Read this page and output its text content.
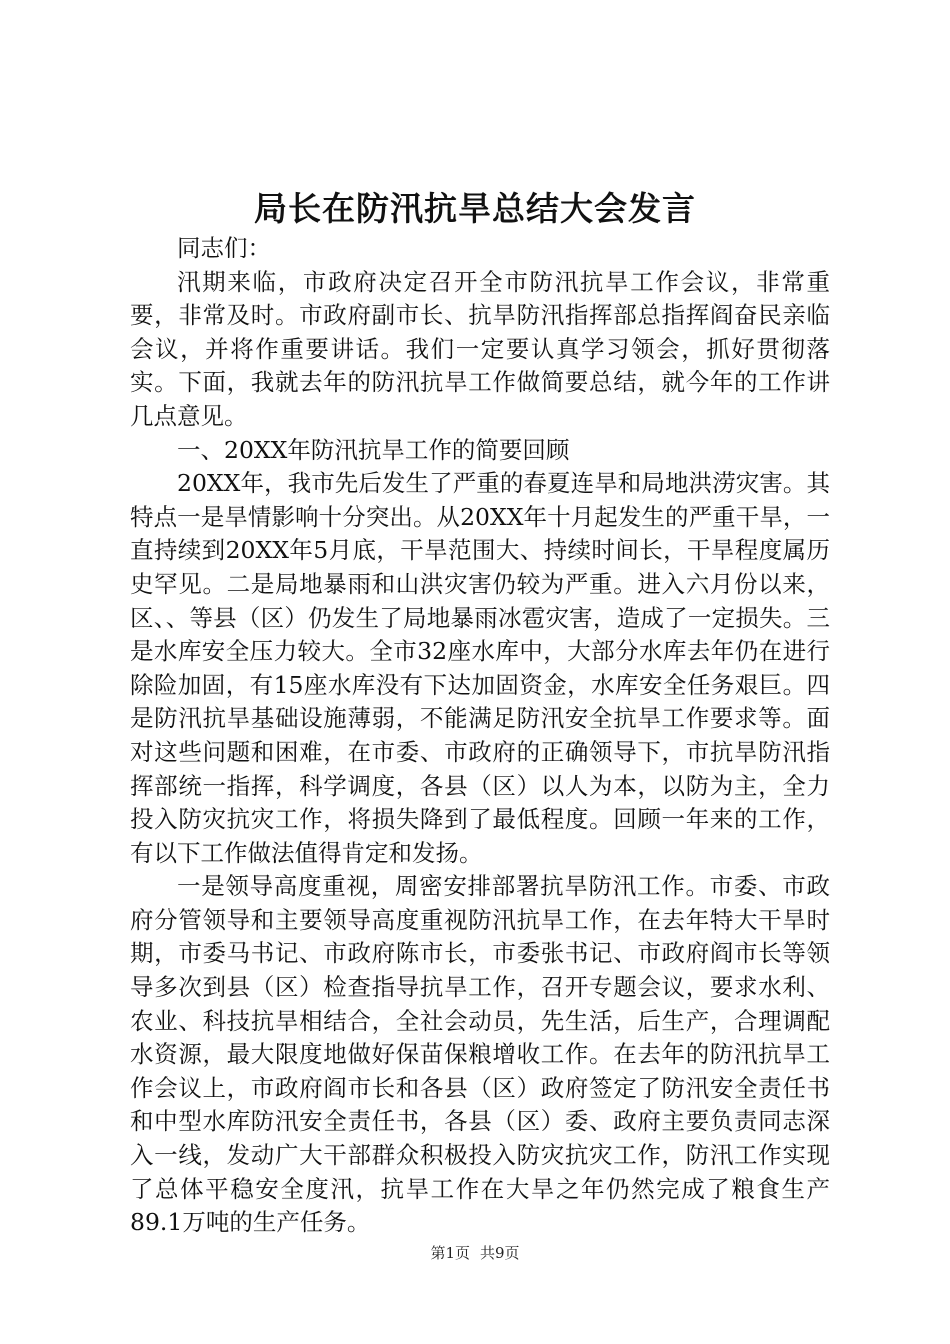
局长在防汛抗旱总结大会发言

同志们：

汛期来临，市政府决定召开全市防汛抗旱工作会议，非常重要，非常及时。市政府副市长、抗旱防汛指挥部总指挥阎奋民亲临会议，并将作重要讲话。我们一定要认真学习领会，抓好贯彻落实。下面，我就去年的防汛抗旱工作做简要总结，就今年的工作讲几点意见。

一、20XX年防汛抗旱工作的简要回顾

20XX年，我市先后发生了严重的春夏连旱和局地洪涝灾害。其特点一是旱情影响十分突出。从20XX年十月起发生的严重干旱，一直持续到20XX年5月底，干旱范围大、持续时间长，干旱程度属历史罕见。二是局地暴雨和山洪灾害仍较为严重。进入六月份以来，区、、等县（区）仍发生了局地暴雨冰雹灾害，造成了一定损失。三是水库安全压力较大。全市32座水库中，大部分水库去年仍在进行除险加固，有15座水库没有下达加固资金，水库安全任务艰巨。四是防汛抗旱基础设施薄弱，不能满足防汛安全抗旱工作要求等。面对这些问题和困难，在市委、市政府的正确领导下，市抗旱防汛指挥部统一指挥，科学调度，各县（区）以人为本，以防为主，全力投入防灾抗灾工作，将损失降到了最低程度。回顾一年来的工作，有以下工作做法值得肯定和发扬。

一是领导高度重视，周密安排部署抗旱防汛工作。市委、市政府分管领导和主要领导高度重视防汛抗旱工作，在去年特大干旱时期，市委马书记、市政府陈市长，市委张书记、市政府阎市长等领导多次到县（区）检查指导抗旱工作，召开专题会议，要求水利、农业、科技抗旱相结合，全社会动员，先生活，后生产，合理调配水资源，最大限度地做好保苗保粮增收工作。在去年的防汛抗旱工作会议上，市政府阎市长和各县（区）政府签定了防汛安全责任书和中型水库防汛安全责任书，各县（区）委、政府主要负责同志深入一线，发动广大干部群众积极投入防灾抗灾工作，防汛工作实现了总体平稳安全度汛，抗旱工作在大旱之年仍然完成了粮食生产89.1万吨的生产任务。

第1页 共9页
